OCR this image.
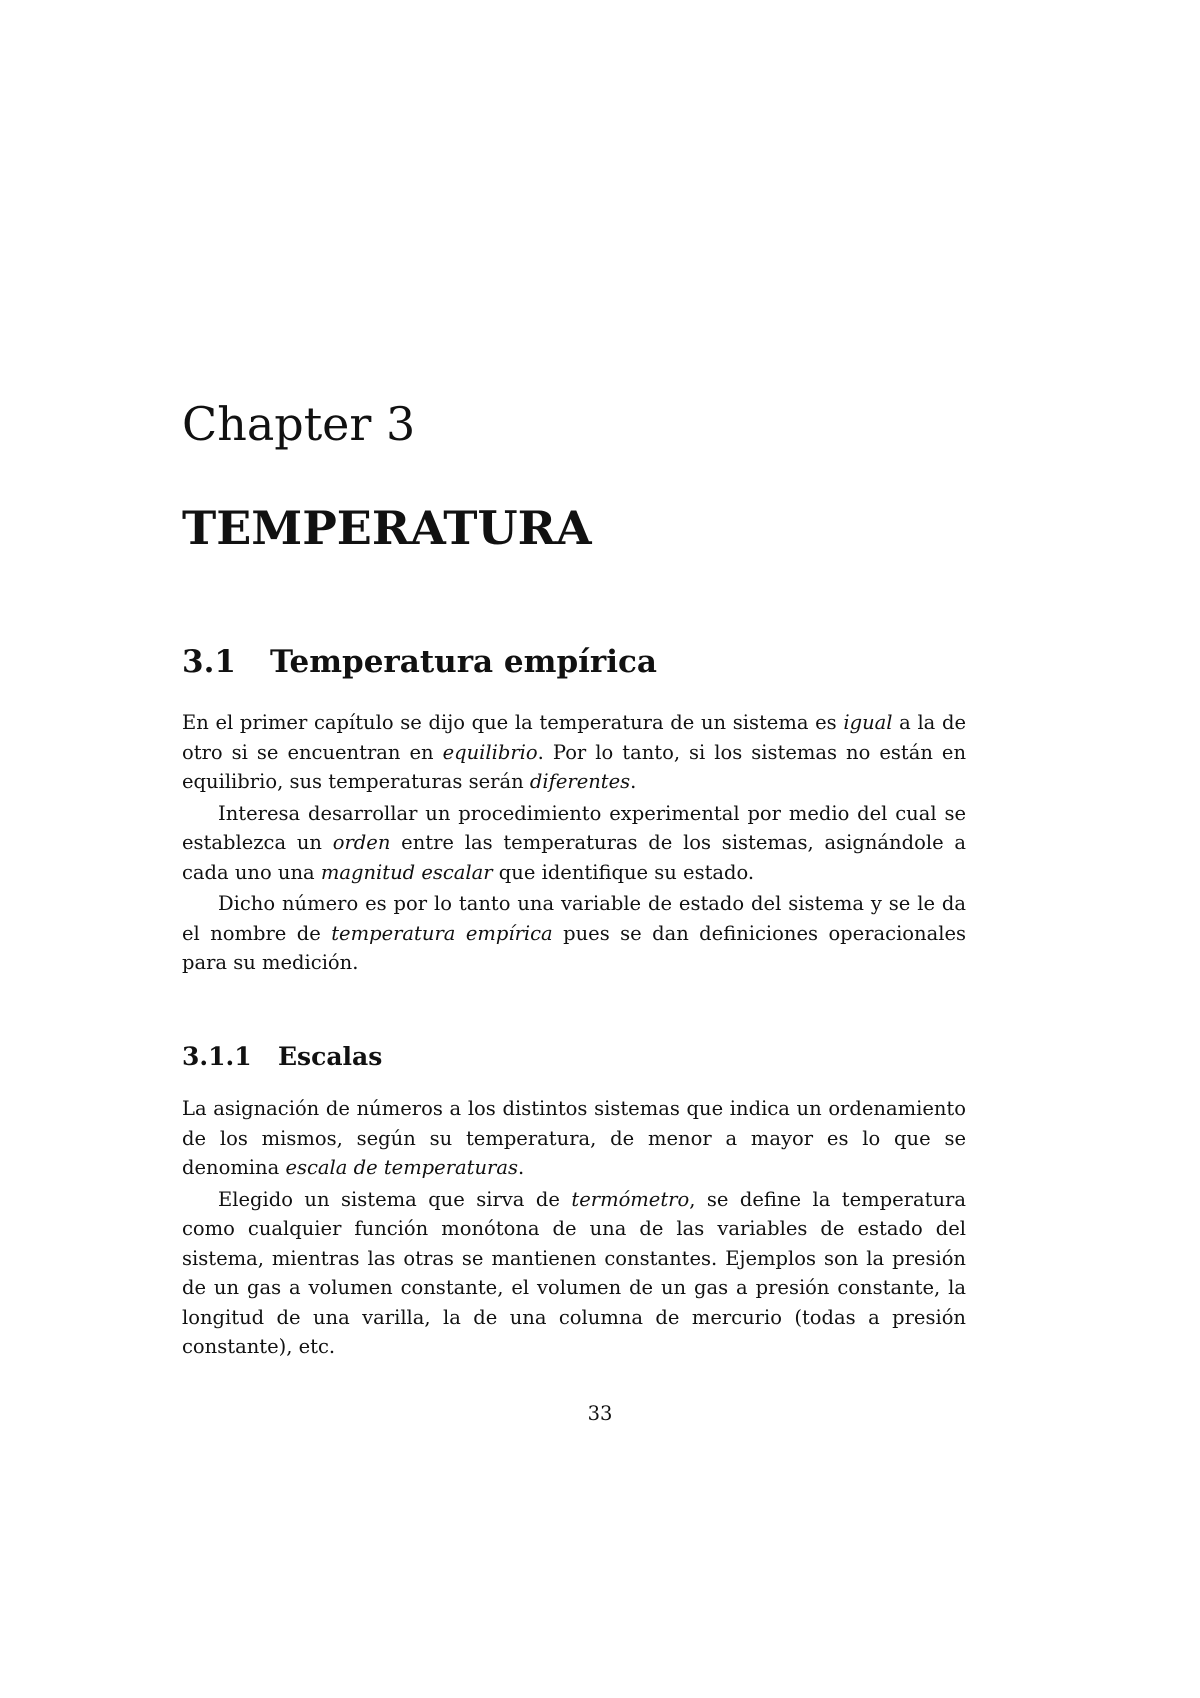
Chapter 3
TEMPERATURA
3.1 Temperatura empírica

En el primer capítulo se dijo que la temperatura de un sistema es igual a la de otro si se encuentran en equilibrio. Por lo tanto, si los sistemas no están en equilibrio, sus temperaturas serán diferentes.

Interesa desarrollar un procedimiento experimental por medio del cual se establezca un orden entre las temperaturas de los sistemas, asignándole a cada uno una magnitud escalar que identifique su estado.

Dicho número es por lo tanto una variable de estado del sistema y se le da el nombre de temperatura empírica pues se dan definiciones operacionales para su medición.

3.1.1 Escalas

La asignación de números a los distintos sistemas que indica un ordenamiento de los mismos, según su temperatura, de menor a mayor es lo que se denomina escala de temperaturas.

Elegido un sistema que sirva de termómetro, se define la temperatura como cualquier función monótona de una de las variables de estado del sistema, mientras las otras se mantienen constantes. Ejemplos son la presión de un gas a volumen constante, el volumen de un gas a presión constante, la longitud de una varilla, la de una columna de mercurio (todas a presión constante), etc.

33
